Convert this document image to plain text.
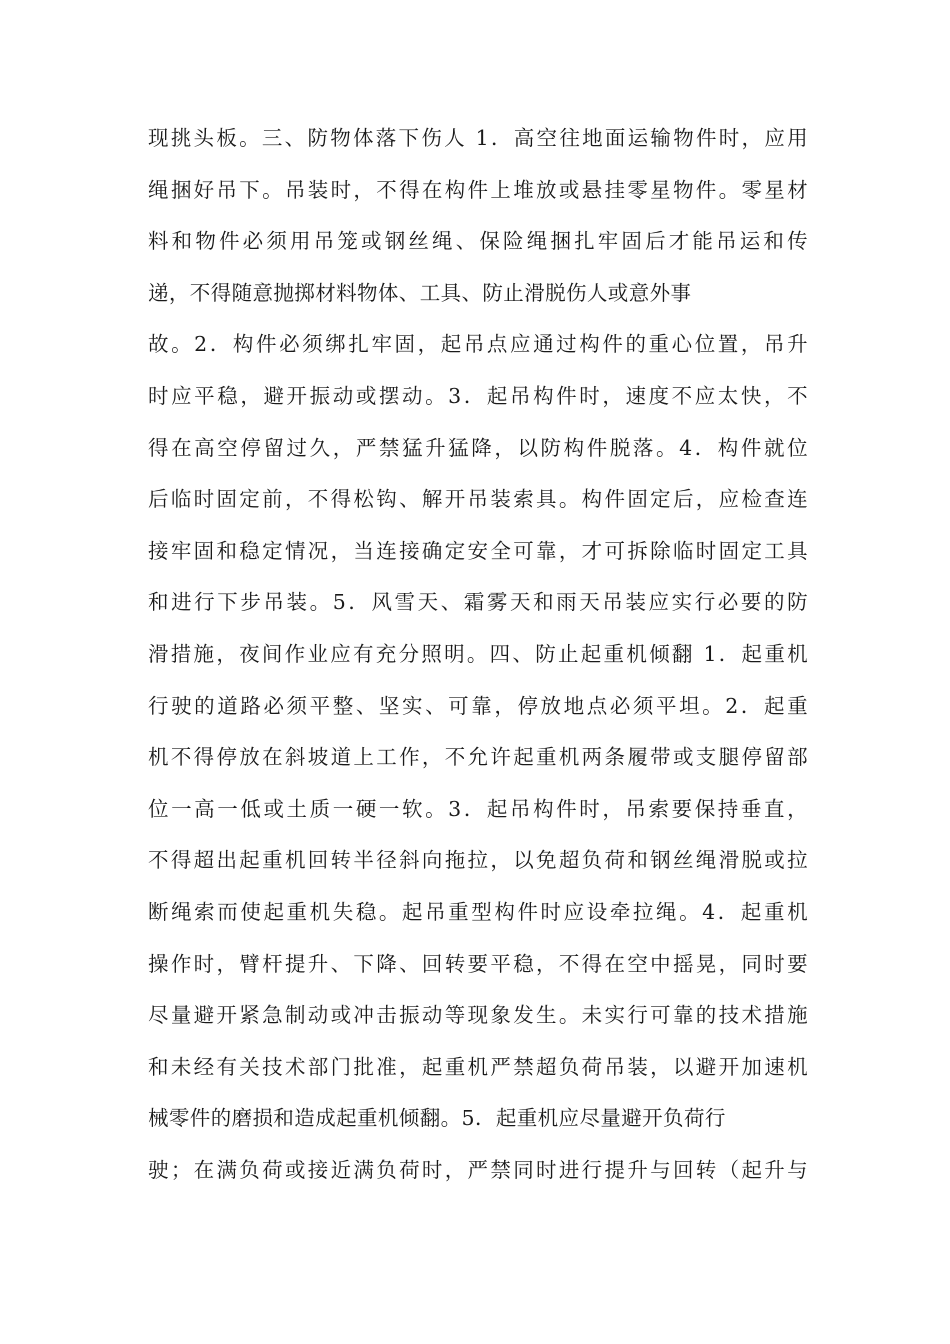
现挑头板。三、防物体落下伤人 1．高空往地面运输物件时，应用
绳捆好吊下。吊装时，不得在构件上堆放或悬挂零星物件。零星材
料和物件必须用吊笼或钢丝绳、保险绳捆扎牢固后才能吊运和传
递，不得随意抛掷材料物体、工具、防止滑脱伤人或意外事
故。2．构件必须绑扎牢固，起吊点应通过构件的重心位置，吊升
时应平稳，避开振动或摆动。3．起吊构件时，速度不应太快，不
得在高空停留过久，严禁猛升猛降，以防构件脱落。4．构件就位
后临时固定前，不得松钩、解开吊装索具。构件固定后，应检查连
接牢固和稳定情况，当连接确定安全可靠，才可拆除临时固定工具
和进行下步吊装。5．风雪天、霜雾天和雨天吊装应实行必要的防
滑措施，夜间作业应有充分照明。四、防止起重机倾翻 1．起重机
行驶的道路必须平整、坚实、可靠，停放地点必须平坦。2．起重
机不得停放在斜坡道上工作，不允许起重机两条履带或支腿停留部
位一高一低或土质一硬一软。3．起吊构件时，吊索要保持垂直，
不得超出起重机回转半径斜向拖拉，以免超负荷和钢丝绳滑脱或拉
断绳索而使起重机失稳。起吊重型构件时应设牵拉绳。4．起重机
操作时，臂杆提升、下降、回转要平稳，不得在空中摇晃，同时要
尽量避开紧急制动或冲击振动等现象发生。未实行可靠的技术措施
和未经有关技术部门批准，起重机严禁超负荷吊装，以避开加速机
械零件的磨损和造成起重机倾翻。5．起重机应尽量避开负荷行
驶；在满负荷或接近满负荷时，严禁同时进行提升与回转（起升与
